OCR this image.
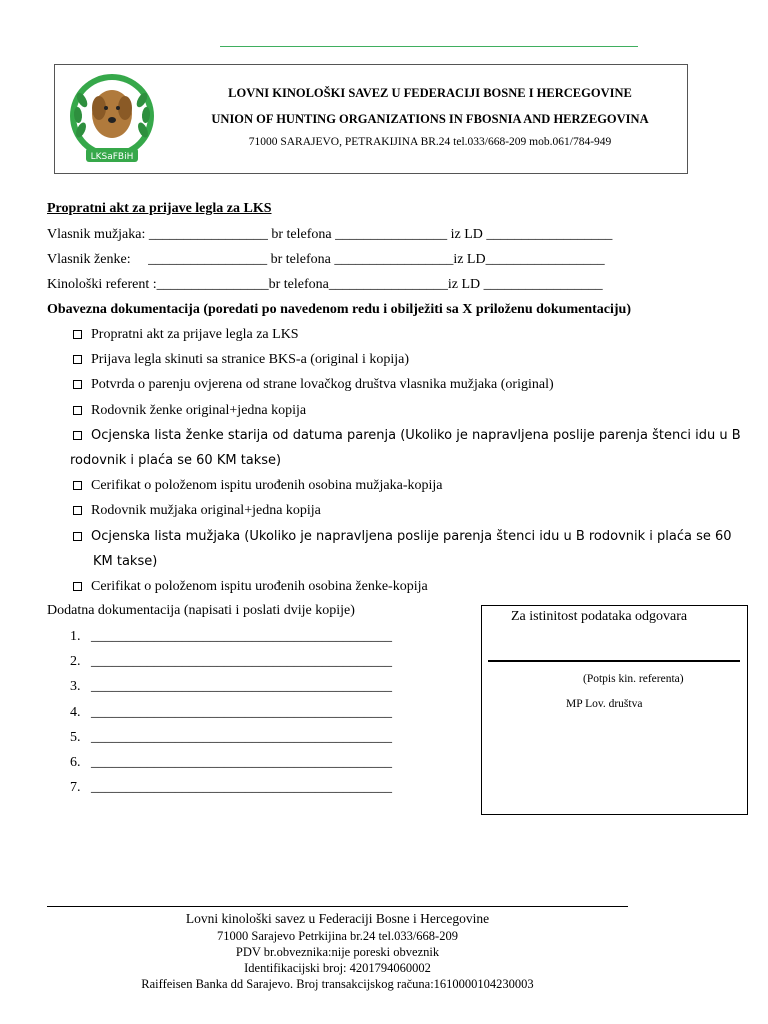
LKSaFBiH
LOVNI KINOLOŠKI SAVEZ U FEDERACIJI BOSNE I HERCEGOVINE
UNION OF HUNTING ORGANIZATIONS IN FBOSNIA AND HERZEGOVINA
71000 SARAJEVO, PETRAKIJINA BR.24 tel.033/668-209 mob.061/784-949
Propratni akt za prijave legla za LKS
Vlasnik mužjaka: _________________ br telefona ________________ iz LD __________________
Vlasnik ženke:     _________________ br telefona _________________iz LD_________________
Kinološki referent :________________br telefona_________________iz LD _________________
Obavezna dokumentacija (poredati po navedenom redu i obilježiti sa X priloženu dokumentaciju)
Propratni akt za prijave legla za LKS
Prijava legla skinuti sa stranice BKS-a (original i kopija)
Potvrda o parenju ovjerena od strane lovačkog društva vlasnika mužjaka (original)
Rodovnik ženke original+jedna kopija
Ocjenska lista ženke starija od datuma parenja (Ukoliko je napravljena poslije parenja štenci idu u B
rodovnik i plaća se 60 KM takse)
Cerifikat o položenom ispitu urođenih osobina mužjaka-kopija
Rodovnik mužjaka original+jedna kopija
Ocjenska lista mužjaka (Ukoliko je napravljena poslije parenja štenci idu u B rodovnik i plaća se 60
KM takse)
Cerifikat o položenom ispitu urođenih osobina ženke-kopija
Dodatna dokumentacija (napisati i poslati dvije kopije)
1.   ___________________________________________
2.   ___________________________________________
3.   ___________________________________________
4.   ___________________________________________
5.   ___________________________________________
6.   ___________________________________________
7.   ___________________________________________
Za istinitost podataka odgovara
(Potpis kin. referenta)
MP Lov. društva
Lovni kinološki savez u Federaciji Bosne i Hercegovine
71000 Sarajevo Petrkijina br.24 tel.033/668-209
PDV br.obveznika:nije poreski obveznik
Identifikacijski broj: 4201794060002
Raiffeisen Banka dd Sarajevo. Broj transakcijskog računa:1610000104230003
